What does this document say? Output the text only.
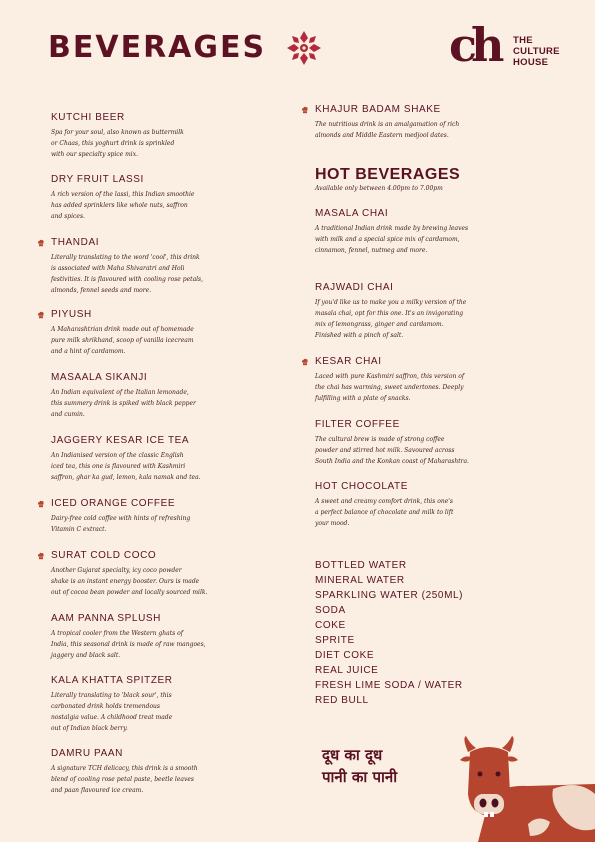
BEVERAGES	ch THE
CULTURE
HOUSE
KUTCHI BEER
Spa for your soul, also known as buttermilk
or Chaas, this yoghurt drink is sprinkled
with our specialty spice mix.
DRY FRUIT LASSI
A rich version of the lassi, this Indian smoothie
has added sprinklers like whole nuts, saffron
and spices.
THANDAI
Literally translating to the word 'cool', this drink
is associated with Maha Shivaratri and Holi
festivities. It is flavoured with cooling rose petals,
almonds, fennel seeds and more.
PIYUSH
A Maharashtrian drink made out of homemade
pure milk shrikhand, scoop of vanilla icecream
and a hint of cardamom.
MASAALA SIKANJI
An Indian equivalent of the Italian lemonade,
this summery drink is spiked with black pepper
and cumin.
JAGGERY KESAR ICE TEA
An Indianised version of the classic English
iced tea, this one is flavoured with Kashmiri
saffron, ghar ka gud, lemon, kala namak and tea.
ICED ORANGE COFFEE
Dairy-free cold coffee with hints of refreshing
Vitamin C extract.
SURAT COLD COCO
Another Gujarat specialty, icy coco powder
shake is an instant energy booster. Ours is made
out of cocoa bean powder and locally sourced milk.
AAM PANNA SPLUSH
A tropical cooler from the Western ghats of
India, this seasonal drink is made of raw mangoes,
jaggery and black salt.
KALA KHATTA SPITZER
Literally translating to 'black sour', this
carbonated drink holds tremendous
nostalgia value. A childhood treat made
out of Indian black berry.
DAMRU PAAN
A signature TCH delicacy, this drink is a smooth
blend of cooling rose petal paste, beetle leaves
and paan flavoured ice cream.
KHAJUR BADAM SHAKE
The nutritious drink is an amalgamation of rich
almonds and Middle Eastern medjool dates.
HOT BEVERAGES
Available only between 4.00pm to 7.00pm
MASALA CHAI
A traditional Indian drink made by brewing leaves
with milk and a special spice mix of cardamom,
cinnamon, fennel, nutmeg and more.
RAJWADI CHAI
If you'd like us to make you a milky version of the
masala chai, opt for this one. It's an invigorating
mix of lemongrass, ginger and cardamom.
Finished with a pinch of salt.
KESAR CHAI
Laced with pure Kashmiri saffron, this version of
the chai has warming, sweet undertones. Deeply
fulfilling with a plate of snacks.
FILTER COFFEE
The cultural brew is made of strong coffee
powder and stirred hot milk. Savoured across
South India and the Konkan coast of Maharashtra.
HOT CHOCOLATE
A sweet and creamy comfort drink, this one's
a perfect balance of chocolate and milk to lift
your mood.
BOTTLED WATER
MINERAL WATER
SPARKLING WATER (250ML)
SODA
COKE
SPRITE
DIET COKE
REAL JUICE
FRESH LIME SODA / WATER
RED BULL
दूध का दूध
पानी का पानी
